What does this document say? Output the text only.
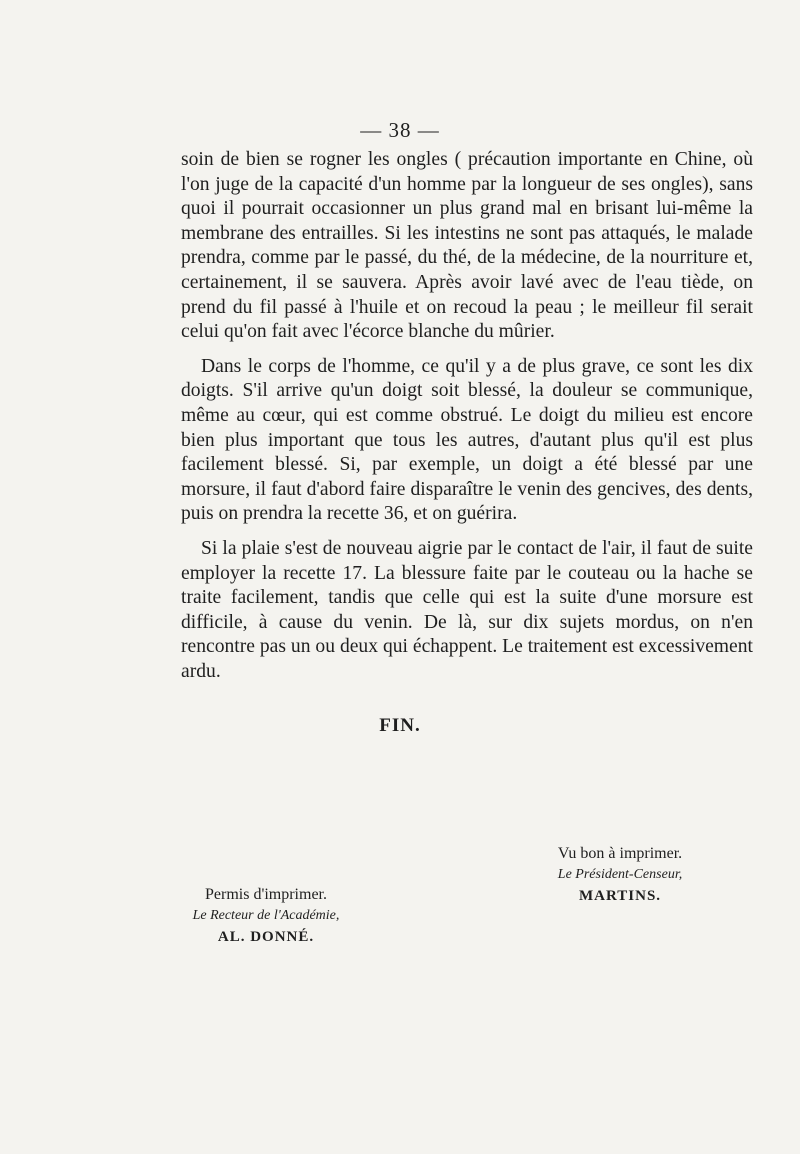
— 38 —

soin de bien se rogner les ongles ( précaution importante en Chine, où l'on juge de la capacité d'un homme par la longueur de ses ongles), sans quoi il pourrait occasionner un plus grand mal en brisant lui-même la membrane des entrailles. Si les intestins ne sont pas attaqués, le malade prendra, comme par le passé, du thé, de la médecine, de la nourriture et, certainement, il se sauvera. Après avoir lavé avec de l'eau tiède, on prend du fil passé à l'huile et on recoud la peau ; le meilleur fil serait celui qu'on fait avec l'écorce blanche du mûrier.

Dans le corps de l'homme, ce qu'il y a de plus grave, ce sont les dix doigts. S'il arrive qu'un doigt soit blessé, la douleur se communique, même au cœur, qui est comme obstrué. Le doigt du milieu est encore bien plus important que tous les autres, d'autant plus qu'il est plus facilement blessé. Si, par exemple, un doigt a été blessé par une morsure, il faut d'abord faire disparaître le venin des gencives, des dents, puis on prendra la recette 36, et on guérira.

Si la plaie s'est de nouveau aigrie par le contact de l'air, il faut de suite employer la recette 17. La blessure faite par le couteau ou la hache se traite facilement, tandis que celle qui est la suite d'une morsure est difficile, à cause du venin. De là, sur dix sujets mordus, on n'en rencontre pas un ou deux qui échappent. Le traitement est excessivement ardu.

FIN.
Vu bon à imprimer.
Le Président-Censeur,
MARTINS.
Permis d'imprimer.
Le Recteur de l'Académie,
AL. DONNÉ.
